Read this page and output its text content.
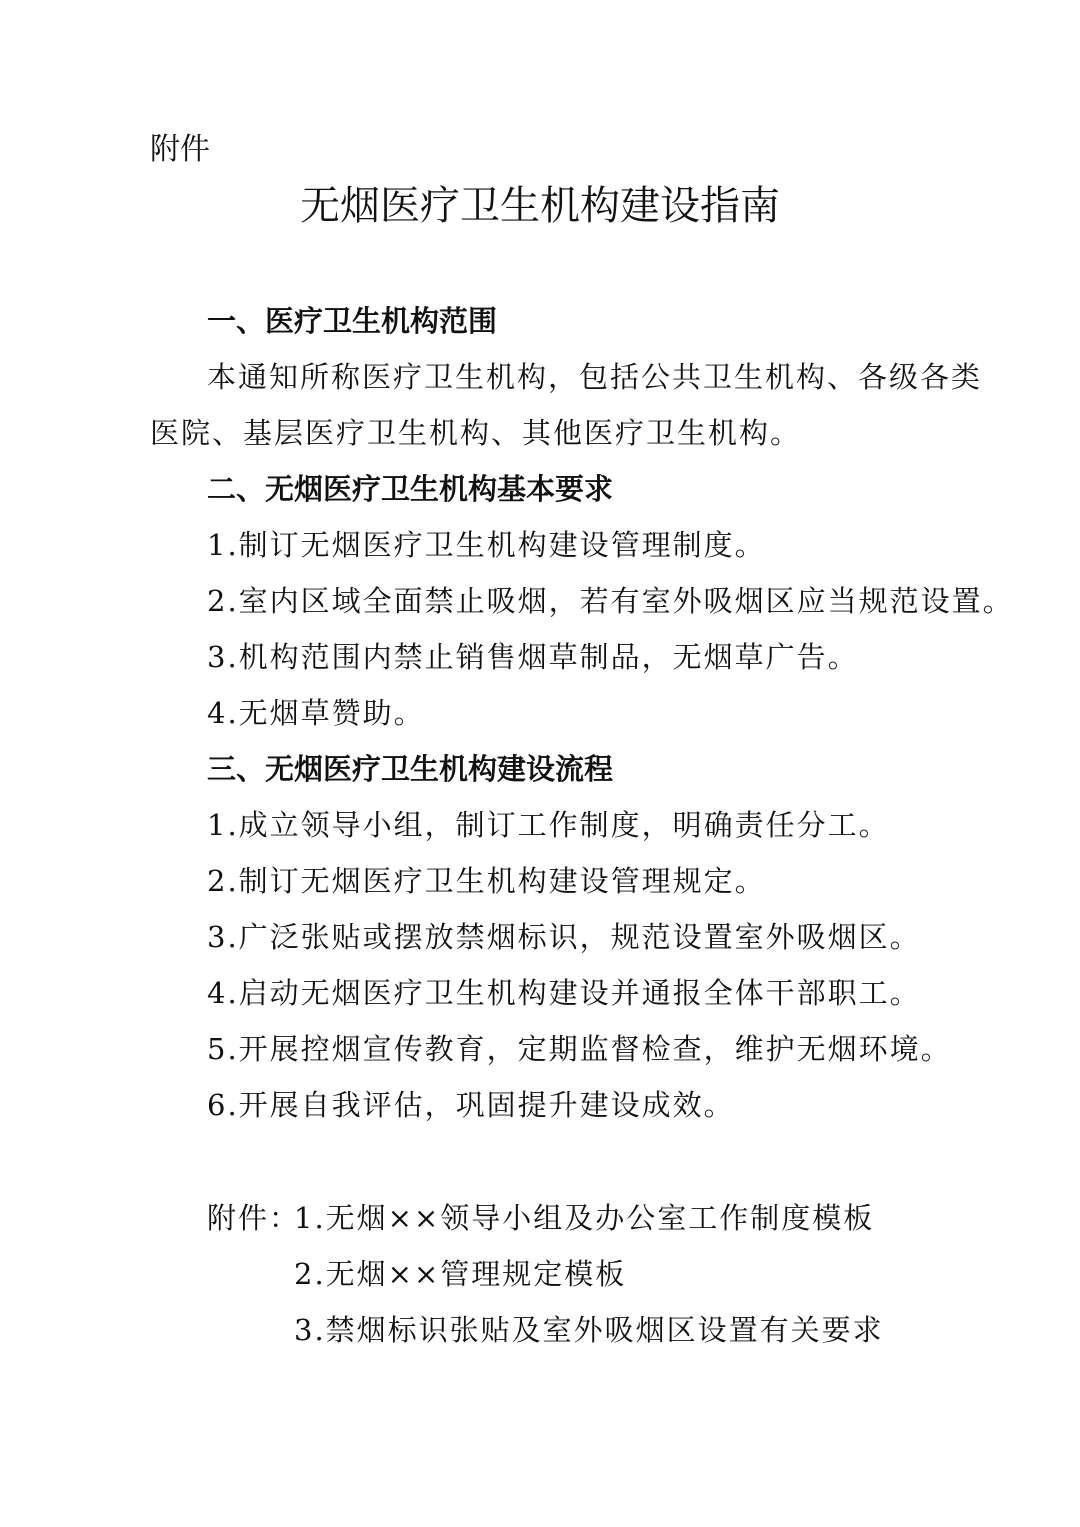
附件
无烟医疗卫生机构建设指南
一、医疗卫生机构范围
本通知所称医疗卫生机构，包括公共卫生机构、各级各类
医院、基层医疗卫生机构、其他医疗卫生机构。
二、无烟医疗卫生机构基本要求
1.制订无烟医疗卫生机构建设管理制度。
2.室内区域全面禁止吸烟，若有室外吸烟区应当规范设置。
3.机构范围内禁止销售烟草制品，无烟草广告。
4.无烟草赞助。
三、无烟医疗卫生机构建设流程
1.成立领导小组，制订工作制度，明确责任分工。
2.制订无烟医疗卫生机构建设管理规定。
3.广泛张贴或摆放禁烟标识，规范设置室外吸烟区。
4.启动无烟医疗卫生机构建设并通报全体干部职工。
5.开展控烟宣传教育，定期监督检查，维护无烟环境。
6.开展自我评估，巩固提升建设成效。
附件：
1.无烟××领导小组及办公室工作制度模板
2.无烟××管理规定模板
3.禁烟标识张贴及室外吸烟区设置有关要求
